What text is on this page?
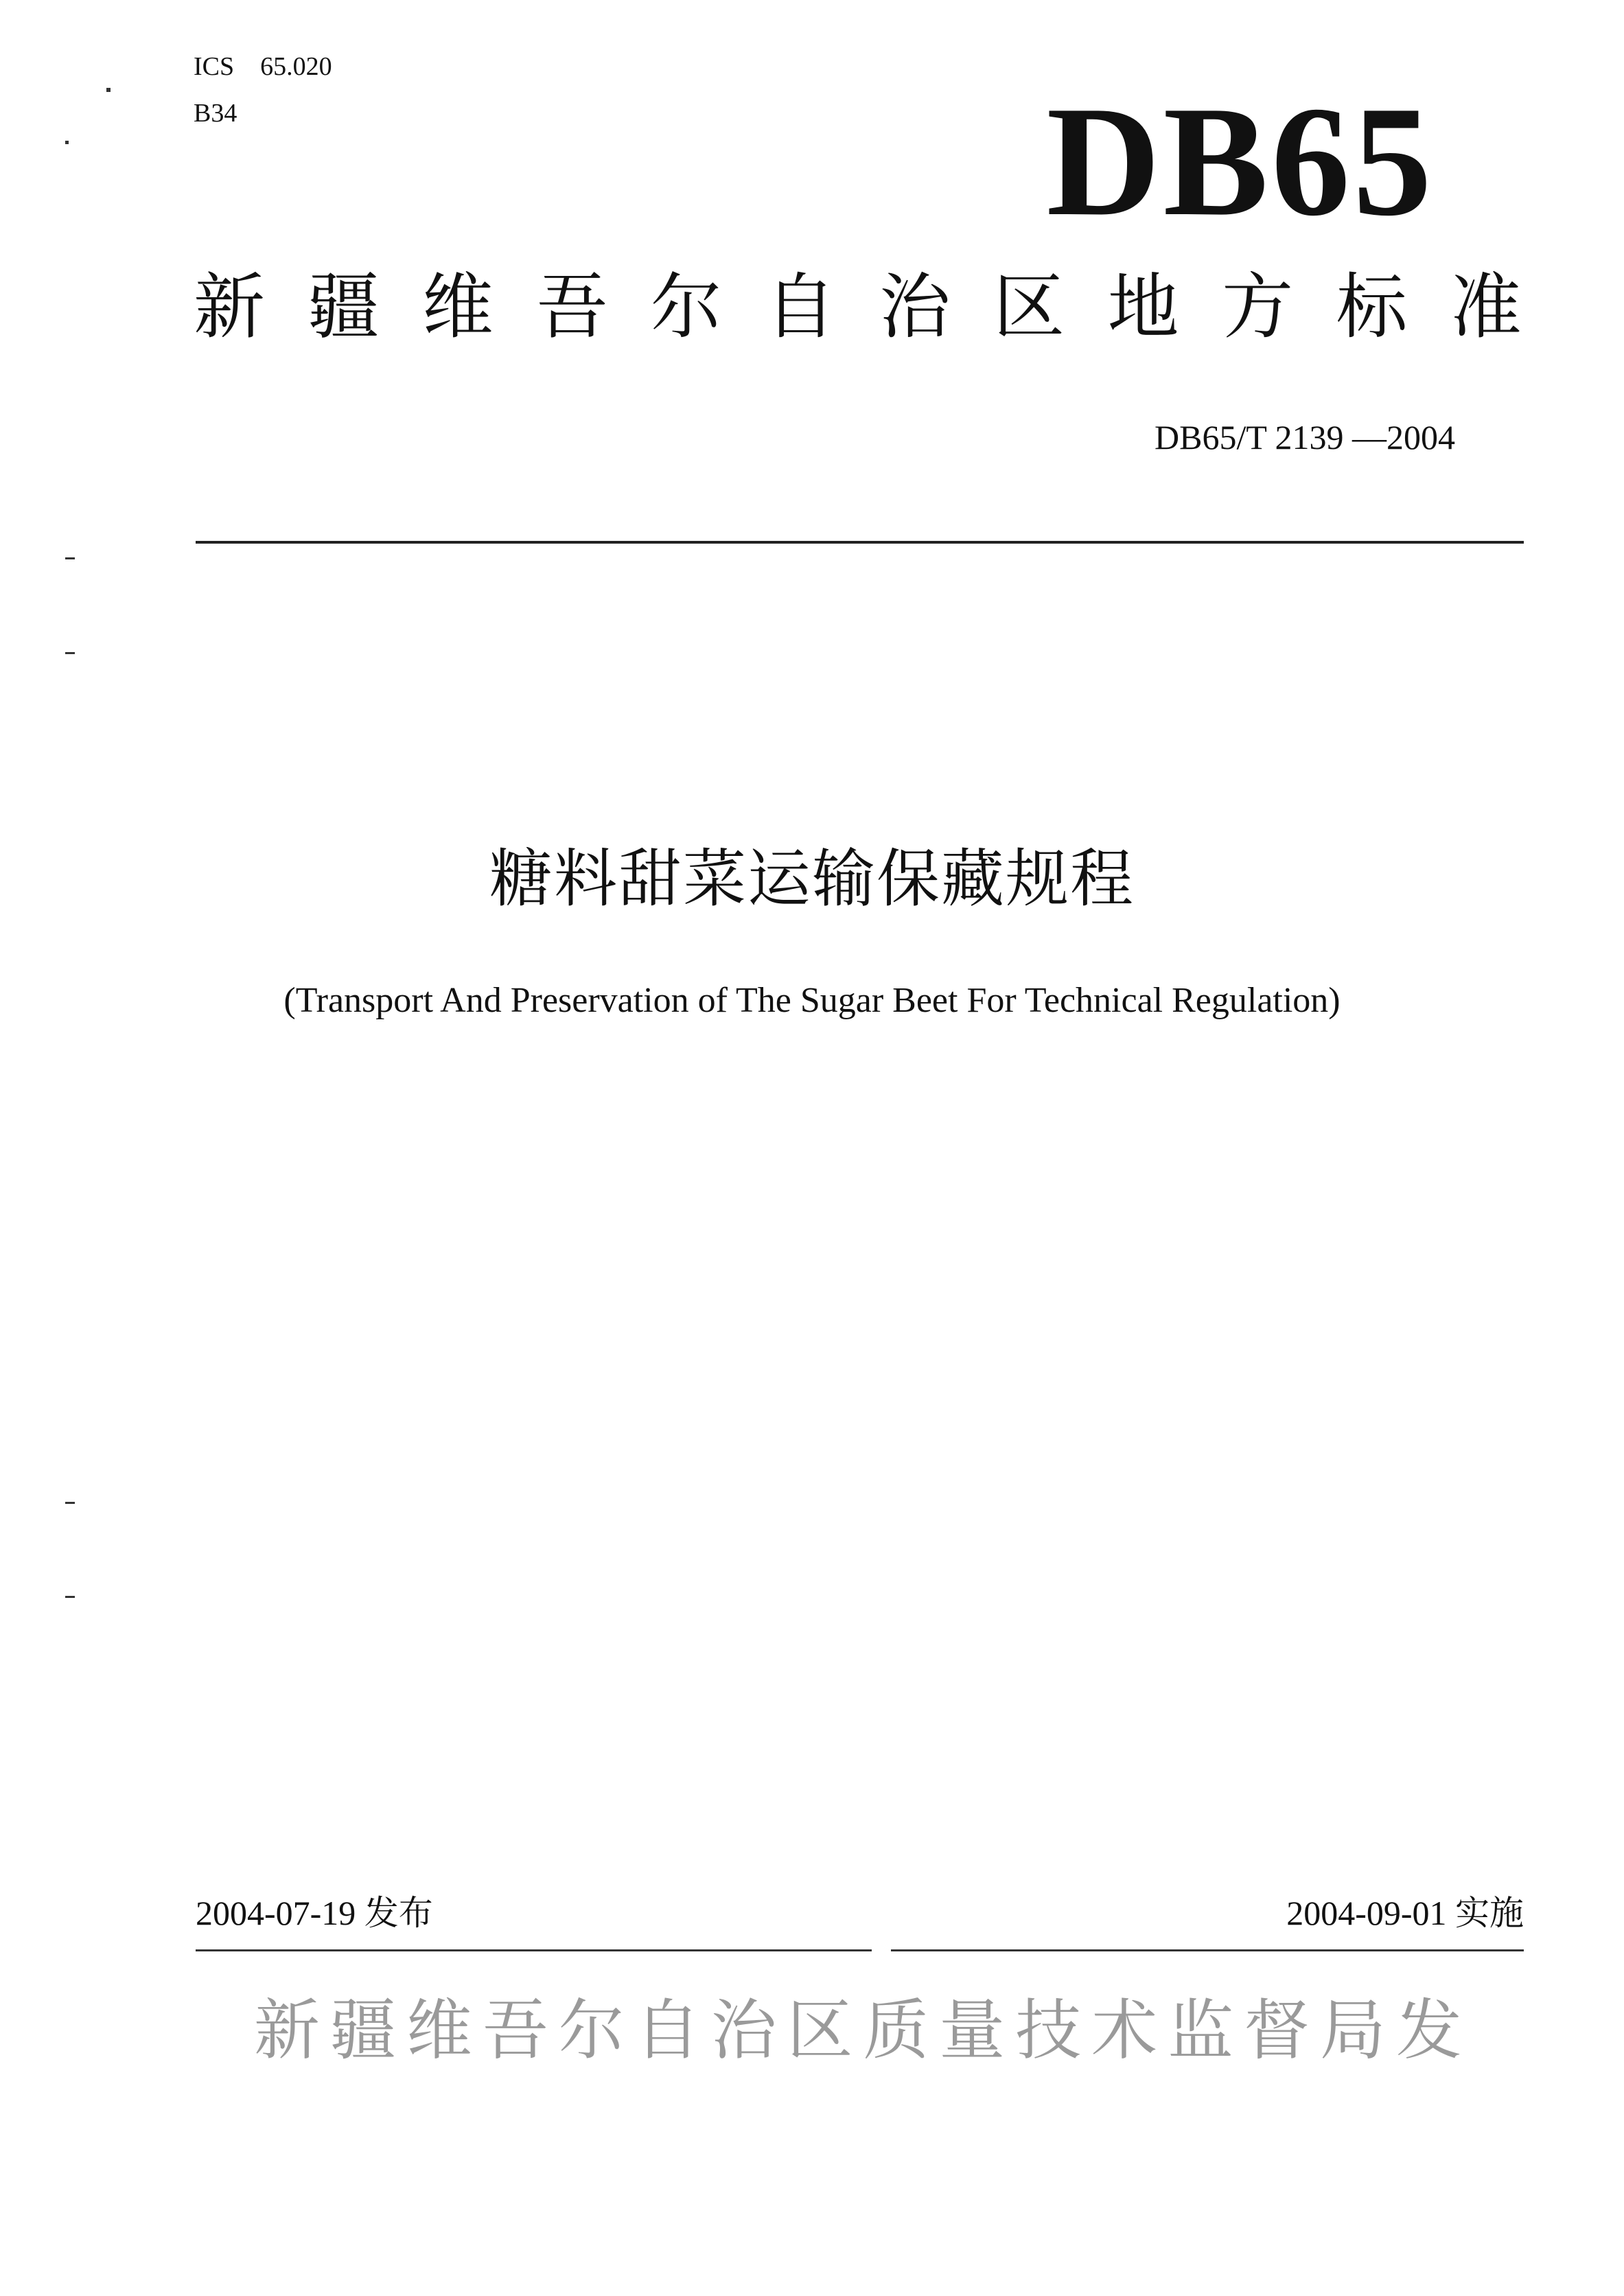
ICS 65.020
B34	DB65
新 疆 维 吾 尔 自 治 区 地 方 标 准
DB65/T 2139 —2004
糖料甜菜运输保藏规程
(Transport And Preservation of The Sugar Beet For Technical Regulation)
2004-07-19 发布	2004-09-01 实施
新 疆 维 吾 尔 自 治 区 质 量 技 术 监 督 局 发
